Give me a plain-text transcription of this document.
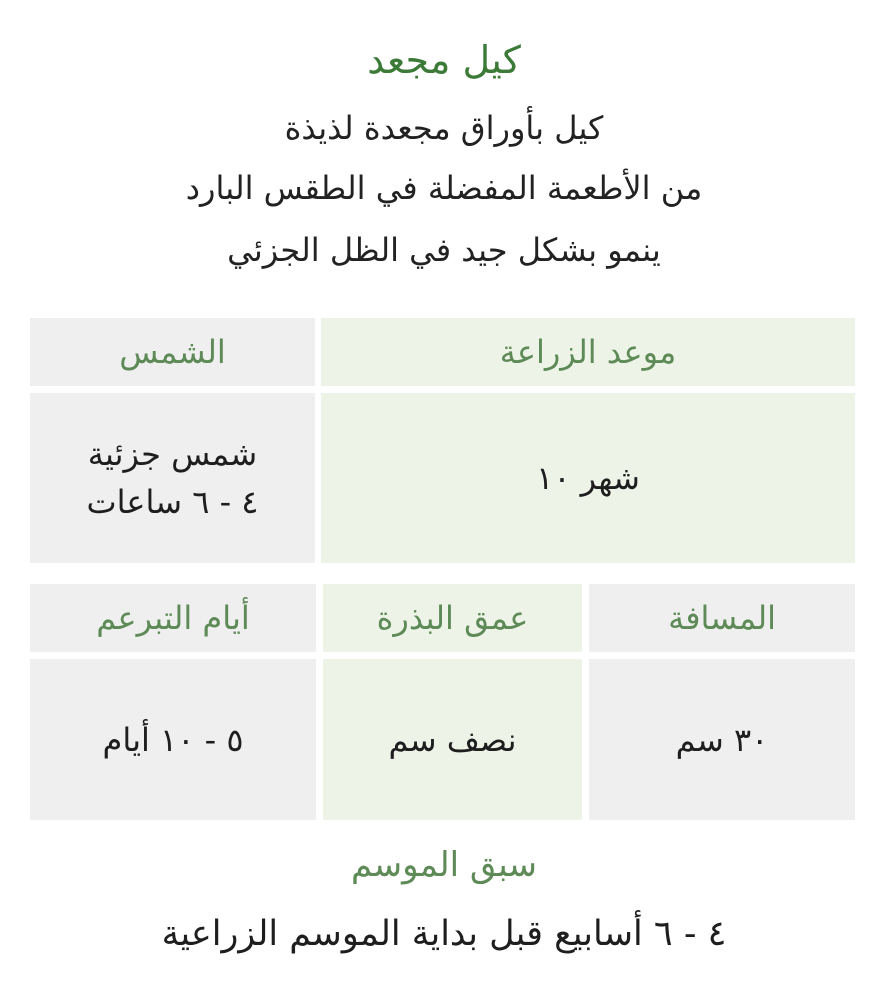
كيل مجعد
كيل بأوراق مجعدة لذيذة
من الأطعمة المفضلة في الطقس البارد
ينمو بشكل جيد في الظل الجزئي
موعد الزراعة
الشمس
شهر ١٠
شمس جزئية
٤ - ٦ ساعات
المسافة
عمق البذرة
أيام التبرعم
٣٠ سم
نصف سم
٥ - ١٠ أيام
سبق الموسم
٤ - ٦ أسابيع قبل بداية الموسم الزراعية
